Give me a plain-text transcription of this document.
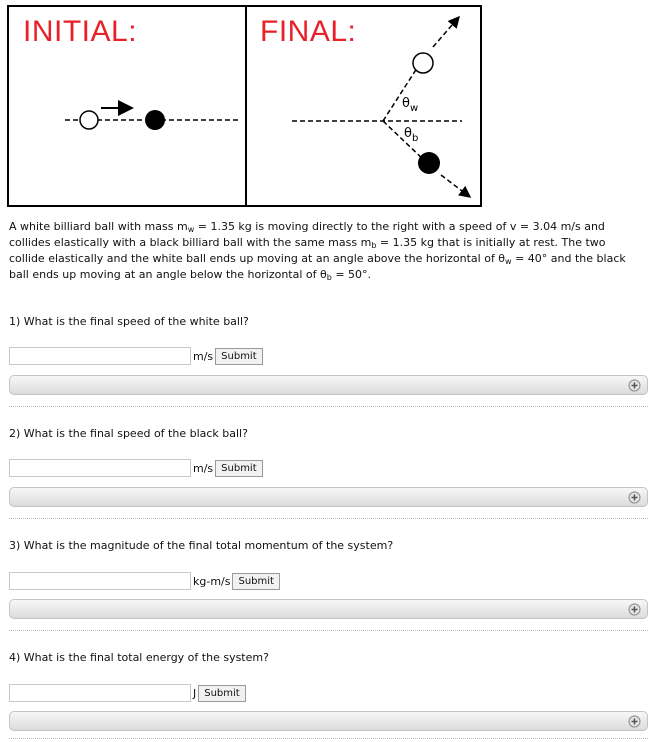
INITIAL:	FINAL:
$\theta_w$
$\theta_b$

A white billiard ball with mass $m_w = 1.35$ kg is moving directly to the right with a speed of v = 3.04 m/s and collides elastically with a black billiard ball with the same mass $m_b = 1.35$ kg that is initially at rest. The two collide elastically and the white ball ends up moving at an angle above the horizontal of $\theta_w = 40^\circ$ and the black ball ends up moving at an angle below the horizontal of $\theta_b = 50^\circ$.

1) What is the final speed of the white ball?

m/s Submit

2) What is the final speed of the black ball?

m/s Submit

3) What is the magnitude of the final total momentum of the system?

kg-m/s Submit

4) What is the final total energy of the system?

J Submit
